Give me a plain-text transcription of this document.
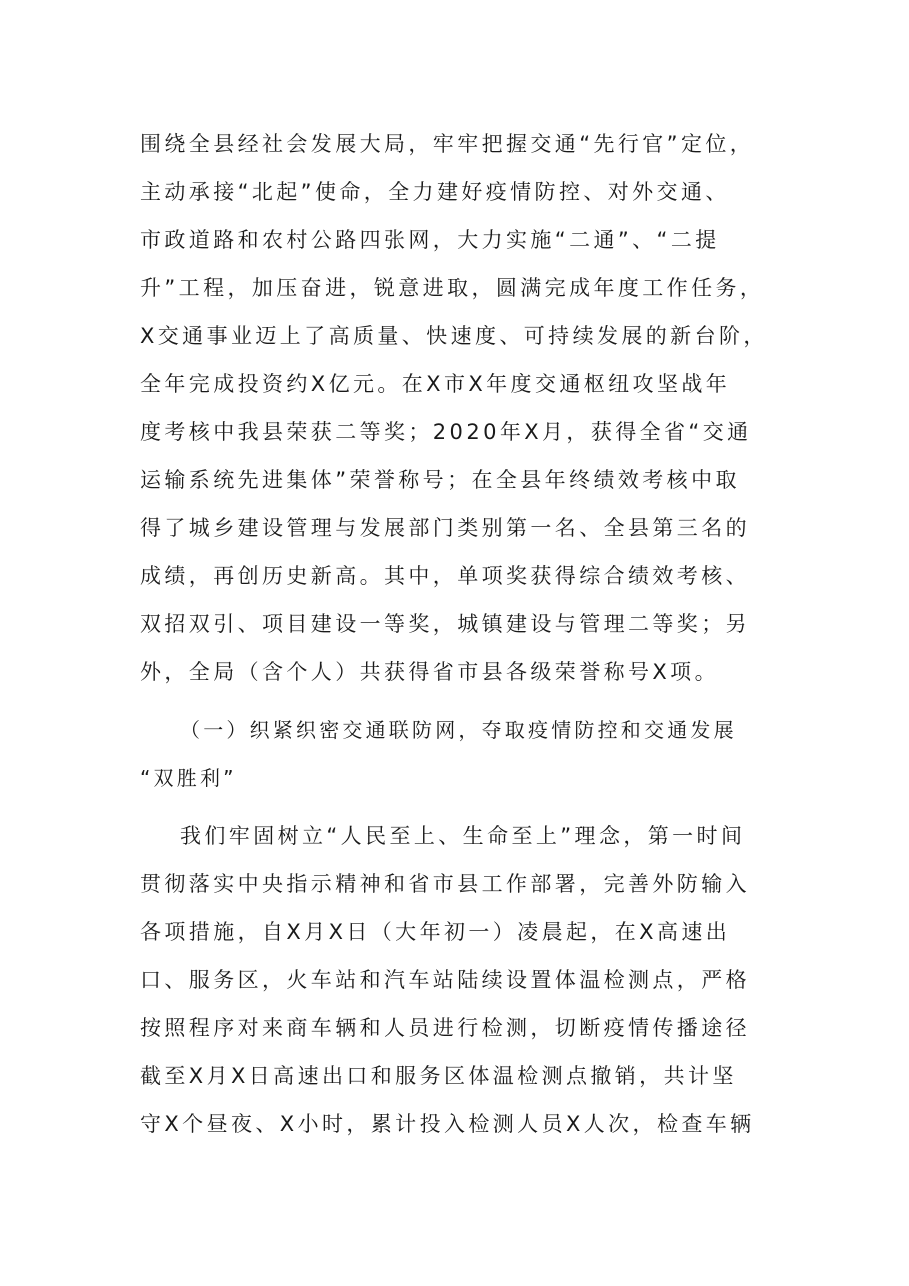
围绕全县经社会发展大局，牢牢把握交通“先行官”定位，
主动承接“北起”使命，全力建好疫情防控、对外交通、
市政道路和农村公路四张网，大力实施“二通”、“二提
升”工程，加压奋进，锐意进取，圆满完成年度工作任务，
X交通事业迈上了高质量、快速度、可持续发展的新台阶，
全年完成投资约X亿元。在X市X年度交通枢纽攻坚战年
度考核中我县荣获二等奖；2020年X月，获得全省“交通
运输系统先进集体”荣誉称号；在全县年终绩效考核中取
得了城乡建设管理与发展部门类别第一名、全县第三名的
成绩，再创历史新高。其中，单项奖获得综合绩效考核、
双招双引、项目建设一等奖，城镇建设与管理二等奖；另
外，全局（含个人）共获得省市县各级荣誉称号X项。
（一）织紧织密交通联防网，夺取疫情防控和交通发展
“双胜利”
我们牢固树立“人民至上、生命至上”理念，第一时间
贯彻落实中央指示精神和省市县工作部署，完善外防输入
各项措施，自X月X日（大年初一）凌晨起，在X高速出
口、服务区，火车站和汽车站陆续设置体温检测点，严格
按照程序对来商车辆和人员进行检测，切断疫情传播途径
截至X月X日高速出口和服务区体温检测点撤销，共计坚
守X个昼夜、X小时，累计投入检测人员X人次，检查车辆
